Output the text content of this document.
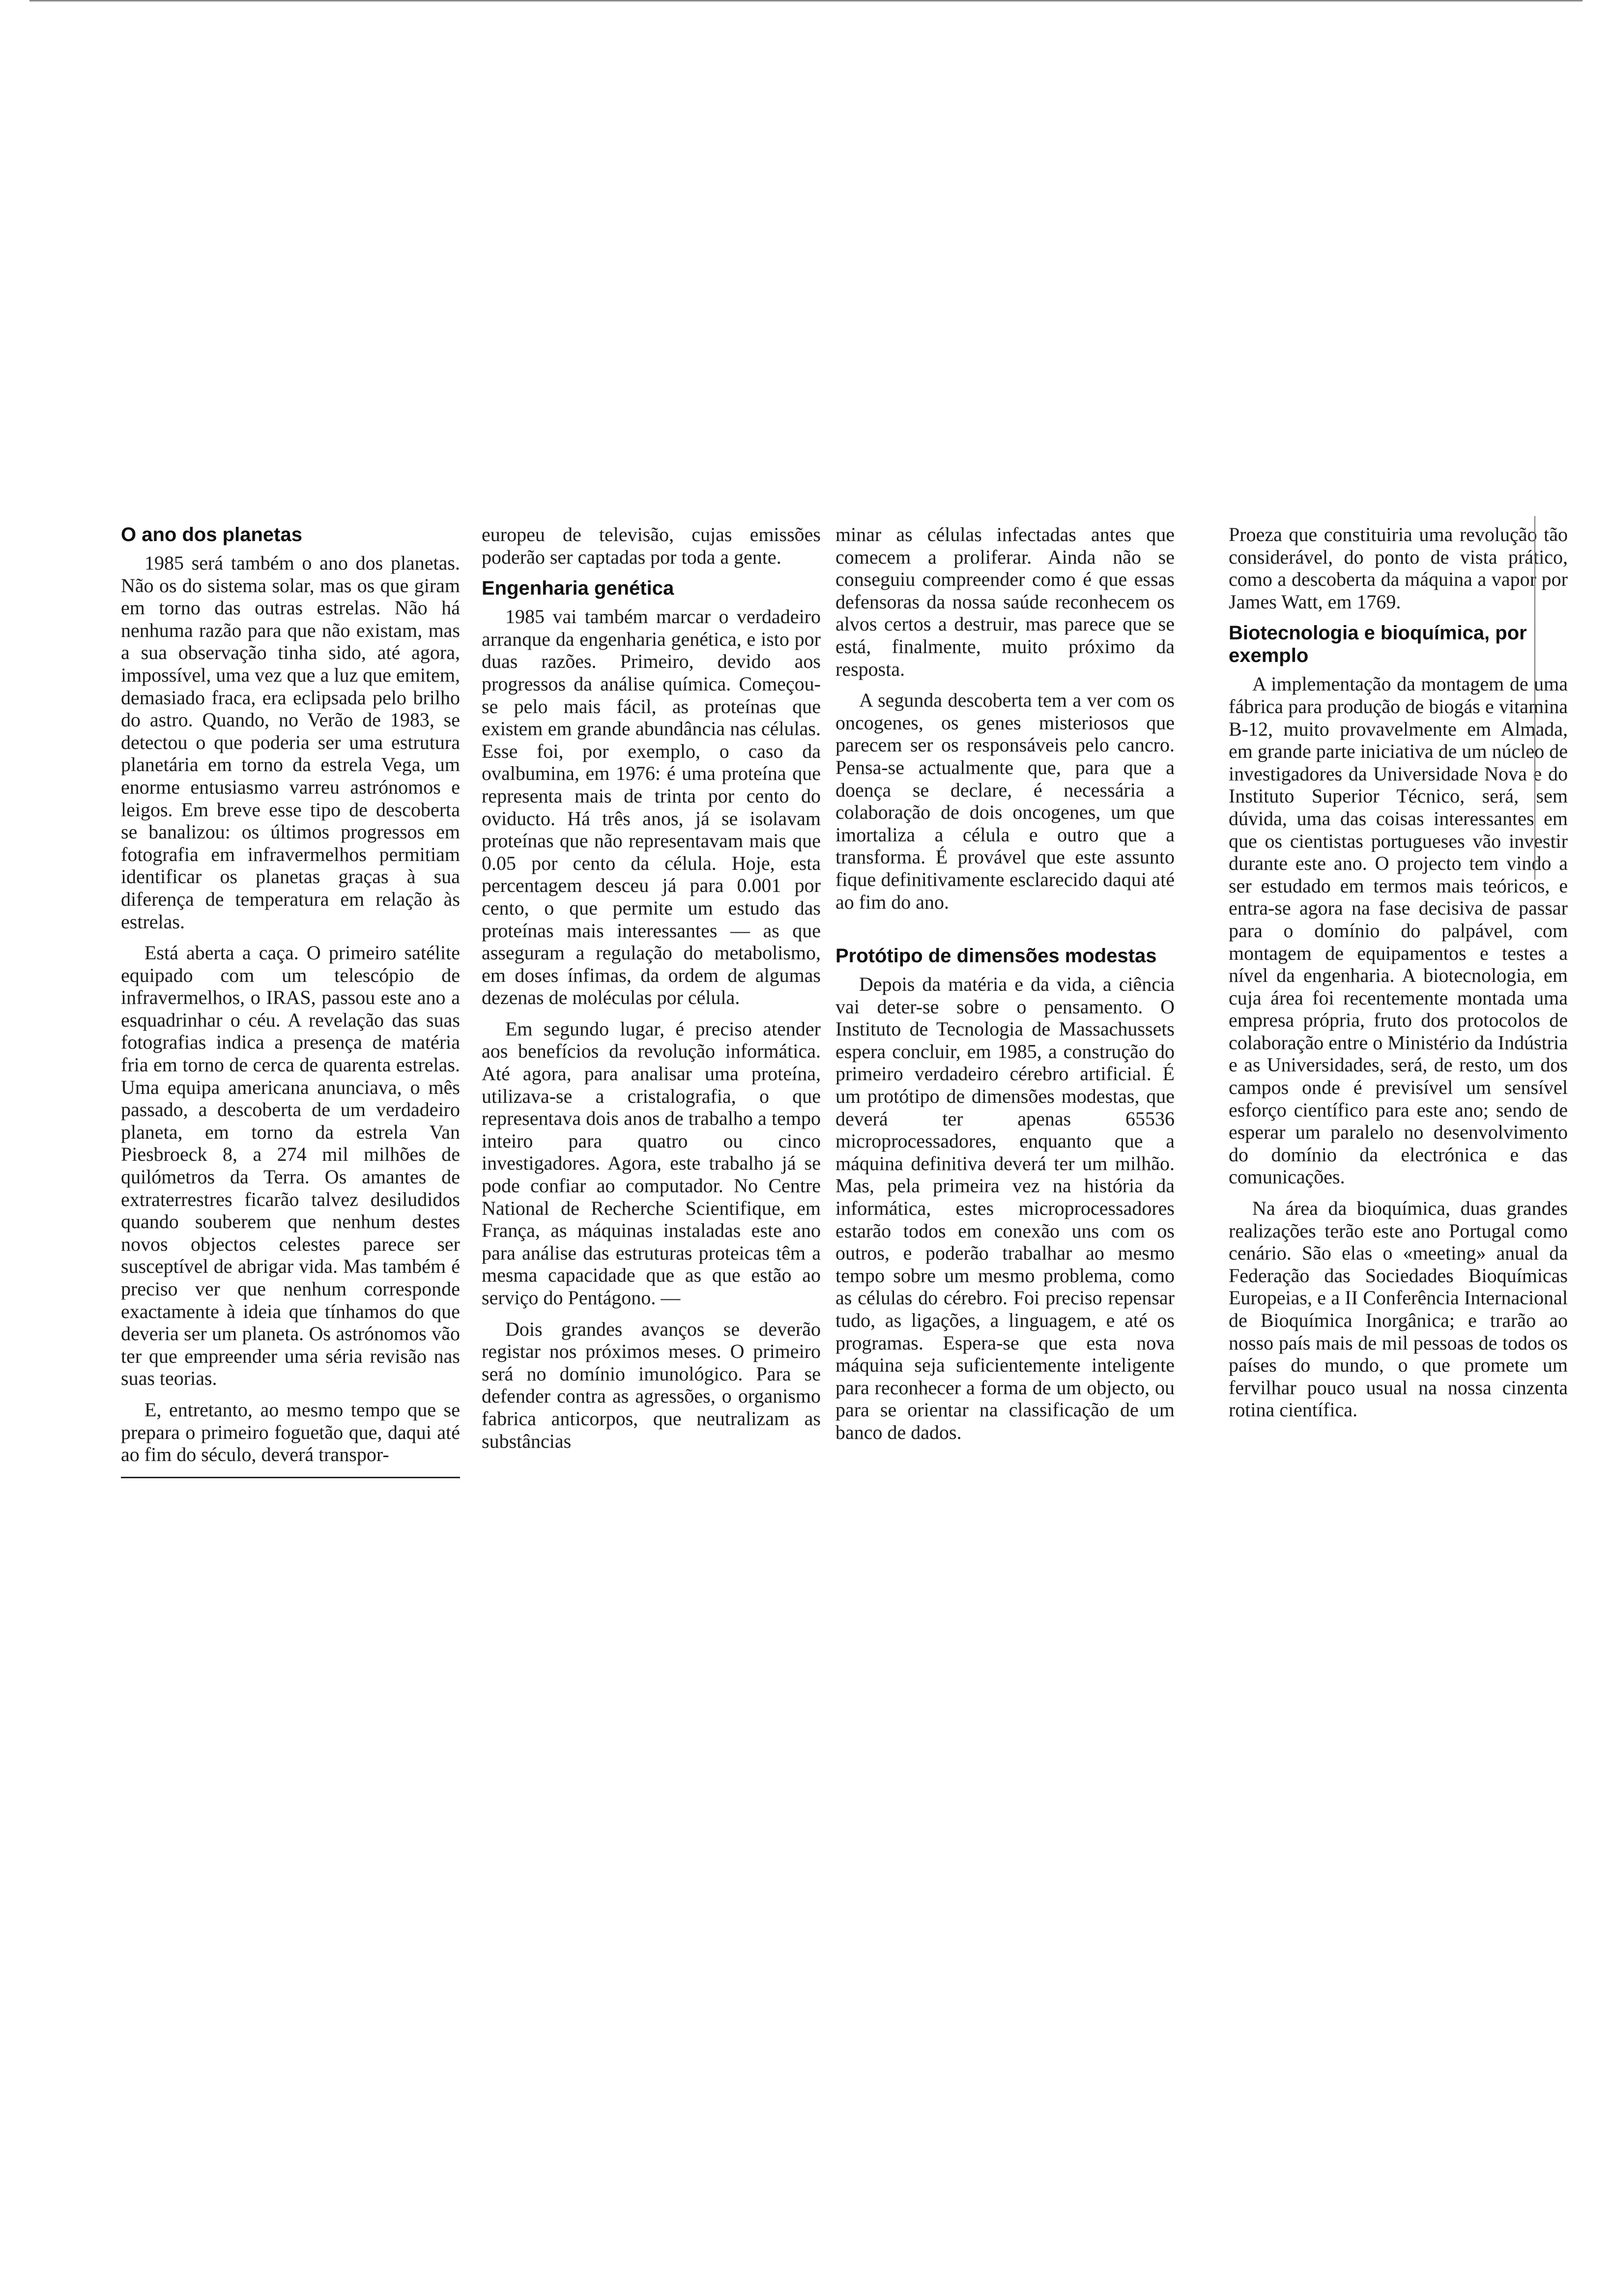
O ano dos planetas

1985 será também o ano dos planetas. Não os do sistema solar, mas os que giram em torno das outras estrelas. Não há nenhuma razão para que não existam, mas a sua observação tinha sido, até agora, impossível, uma vez que a luz que emitem, demasiado fraca, era eclipsada pelo brilho do astro. Quando, no Verão de 1983, se detectou o que poderia ser uma estrutura planetária em torno da estrela Vega, um enorme entusiasmo varreu astrónomos e leigos. Em breve esse tipo de descoberta se banalizou: os últimos progressos em fotografia em infravermelhos permitiam identificar os planetas graças à sua diferença de temperatura em relação às estrelas.

Está aberta a caça. O primeiro satélite equipado com um telescópio de infravermelhos, o IRAS, passou este ano a esquadrinhar o céu. A revelação das suas fotografias indica a presença de matéria fria em torno de cerca de quarenta estrelas. Uma equipa americana anunciava, o mês passado, a descoberta de um verdadeiro planeta, em torno da estrela Van Piesbroeck 8, a 274 mil milhões de quilómetros da Terra. Os amantes de extraterrestres ficarão talvez desiludidos quando souberem que nenhum destes novos objectos celestes parece ser susceptível de abrigar vida. Mas também é preciso ver que nenhum corresponde exactamente à ideia que tínhamos do que deveria ser um planeta. Os astrónomos vão ter que empreender uma séria revisão nas suas teorias.

E, entretanto, ao mesmo tempo que se prepara o primeiro foguetão que, daqui até ao fim do século, deverá transpor-

europeu de televisão, cujas emissões poderão ser captadas por toda a gente.

Engenharia genética

1985 vai também marcar o verdadeiro arranque da engenharia genética, e isto por duas razões. Primeiro, devido aos progressos da análise química. Começou-se pelo mais fácil, as proteínas que existem em grande abundância nas células. Esse foi, por exemplo, o caso da ovalbumina, em 1976: é uma proteína que representa mais de trinta por cento do oviducto. Há três anos, já se isolavam proteínas que não representavam mais que 0.05 por cento da célula. Hoje, esta percentagem desceu já para 0.001 por cento, o que permite um estudo das proteínas mais interessantes — as que asseguram a regulação do metabolismo, em doses ínfimas, da ordem de algumas dezenas de moléculas por célula.

Em segundo lugar, é preciso atender aos benefícios da revolução informática. Até agora, para analisar uma proteína, utilizava-se a cristalografia, o que representava dois anos de trabalho a tempo inteiro para quatro ou cinco investigadores. Agora, este trabalho já se pode confiar ao computador. No Centre National de Recherche Scientifique, em França, as máquinas instaladas este ano para análise das estruturas proteicas têm a mesma capacidade que as que estão ao serviço do Pentágono. —

Dois grandes avanços se deverão registar nos próximos meses. O primeiro será no domínio imunológico. Para se defender contra as agressões, o organismo fabrica anticorpos, que neutralizam as substâncias

minar as células infectadas antes que comecem a proliferar. Ainda não se conseguiu compreender como é que essas defensoras da nossa saúde reconhecem os alvos certos a destruir, mas parece que se está, finalmente, muito próximo da resposta.

A segunda descoberta tem a ver com os oncogenes, os genes misteriosos que parecem ser os responsáveis pelo cancro. Pensa-se actualmente que, para que a doença se declare, é necessária a colaboração de dois oncogenes, um que imortaliza a célula e outro que a transforma. É provável que este assunto fique definitivamente esclarecido daqui até ao fim do ano.

Protótipo de dimensões modestas

Depois da matéria e da vida, a ciência vai deter-se sobre o pensamento. O Instituto de Tecnologia de Massachussets espera concluir, em 1985, a construção do primeiro verdadeiro cérebro artificial. É um protótipo de dimensões modestas, que deverá ter apenas 65536 microprocessadores, enquanto que a máquina definitiva deverá ter um milhão. Mas, pela primeira vez na história da informática, estes microprocessadores estarão todos em conexão uns com os outros, e poderão trabalhar ao mesmo tempo sobre um mesmo problema, como as células do cérebro. Foi preciso repensar tudo, as ligações, a linguagem, e até os programas. Espera-se que esta nova máquina seja suficientemente inteligente para reconhecer a forma de um objecto, ou para se orientar na classificação de um banco de dados.

Proeza que constituiria uma revolução tão considerável, do ponto de vista prático, como a descoberta da máquina a vapor por James Watt, em 1769.

Biotecnologia e bioquímica, por exemplo

A implementação da montagem de uma fábrica para produção de biogás e vitamina B-12, muito provavelmente em Almada, em grande parte iniciativa de um núcleo de investigadores da Universidade Nova e do Instituto Superior Técnico, será, sem dúvida, uma das coisas interessantes em que os cientistas portugueses vão investir durante este ano. O projecto tem vindo a ser estudado em termos mais teóricos, e entra-se agora na fase decisiva de passar para o domínio do palpável, com montagem de equipamentos e testes a nível da engenharia. A biotecnologia, em cuja área foi recentemente montada uma empresa própria, fruto dos protocolos de colaboração entre o Ministério da Indústria e as Universidades, será, de resto, um dos campos onde é previsível um sensível esforço científico para este ano; sendo de esperar um paralelo no desenvolvimento do domínio da electrónica e das comunicações.

Na área da bioquímica, duas grandes realizações terão este ano Portugal como cenário. São elas o «meeting» anual da Federação das Sociedades Bioquímicas Europeias, e a II Conferência Internacional de Bioquímica Inorgânica; e trarão ao nosso país mais de mil pessoas de todos os países do mundo, o que promete um fervilhar pouco usual na nossa cinzenta rotina científica.
